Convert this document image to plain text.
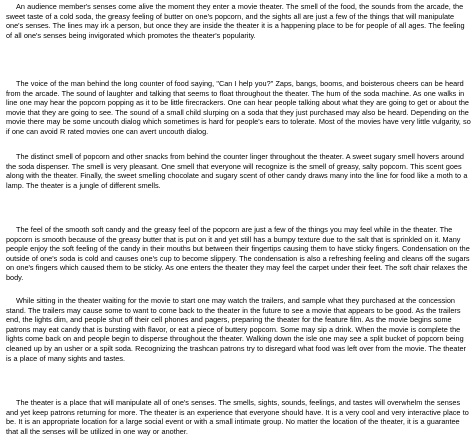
An audience member's senses come alive the moment they enter a movie theater. The smell of the food, the sounds from the arcade, the sweet taste of a cold soda, the greasy feeling of butter on one's popcorn, and the sights all are just a few of the things that will manipulate one's senses. The lines may irk a person, but once they are inside the theater it is a happening place to be for people of all ages. The feeling of all one's senses being invigorated which promotes the theater's popularity.

The voice of the man behind the long counter of food saying, "Can I help you?" Zaps, bangs, booms, and boisterous cheers can be heard from the arcade. The sound of laughter and talking that seems to float throughout the theater. The hum of the soda machine. As one walks in line one may hear the popcorn popping as it to be little firecrackers. One can hear people talking about what they are going to get or about the movie that they are going to see. The sound of a small child slurping on a soda that they just purchased may also be heard. Depending on the movie there may be some uncouth dialog which sometimes is hard for people's ears to tolerate. Most of the movies have very little vulgarity, so if one can avoid R rated movies one can avert uncouth dialog.

The distinct smell of popcorn and other snacks from behind the counter linger throughout the theater. A sweet sugary smell hovers around the soda dispenser. The smell is very pleasant. One smell that everyone will recognize is the smell of greasy, salty popcorn. This scent goes along with the theater. Finally, the sweet smelling chocolate and sugary scent of other candy draws many into the line for food like a moth to a lamp. The theater is a jungle of different smells.

The feel of the smooth soft candy and the greasy feel of the popcorn are just a few of the things you may feel while in the theater. The popcorn is smooth because of the greasy butter that is put on it and yet still has a bumpy texture due to the salt that is sprinkled on it. Many people enjoy the soft feeling of the candy in their mouths but between their fingertips causing them to have sticky fingers. Condensation on the outside of one's soda is cold and causes one's cup to become slippery. The condensation is also a refreshing feeling and cleans off the sugars on one's fingers which caused them to be sticky. As one enters the theater they may feel the carpet under their feet. The soft chair relaxes the body.

While sitting in the theater waiting for the movie to start one may watch the trailers, and sample what they purchased at the concession stand. The trailers may cause some to want to come back to the theater in the future to see a movie that appears to be good. As the trailers end, the lights dim, and people shut off their cell phones and pagers, preparing the theater for the feature film. As the movie begins some patrons may eat candy that is bursting with flavor, or eat a piece of buttery popcorn. Some may sip a drink. When the movie is complete the lights come back on and people begin to disperse throughout the theater. Walking down the isle one may see a split bucket of popcorn being cleaned up by an usher or a spilt soda. Recognizing the trashcan patrons try to disregard what food was left over from the movie. The theater is a place of many sights and tastes.

The theater is a place that will manipulate all of one's senses. The smells, sights, sounds, feelings, and tastes will overwhelm the senses and yet keep patrons returning for more. The theater is an experience that everyone should have. It is a very cool and very interactive place to be. It is an appropriate location for a large social event or with a small intimate group. No matter the location of the theater, it is a guarantee that all the senses will be utilized in one way or another.
